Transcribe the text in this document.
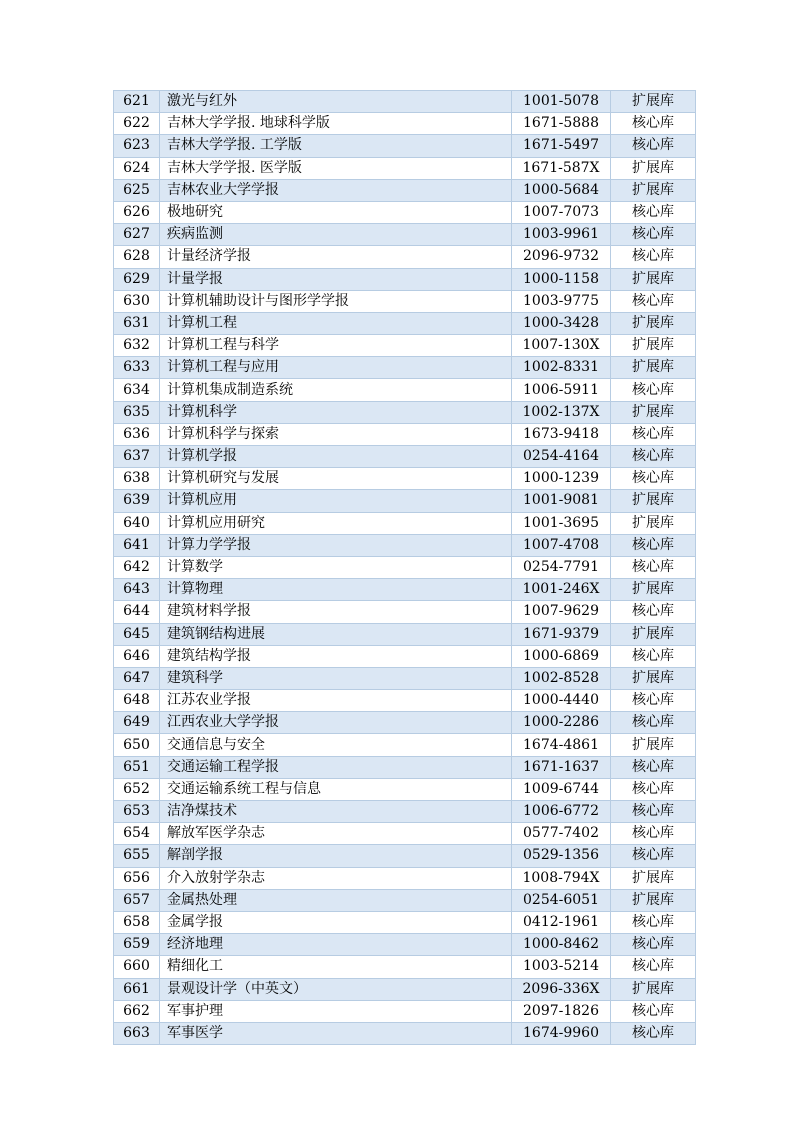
621	激光与红外	1001-5078	扩展库
622	吉林大学学报. 地球科学版	1671-5888	核心库
623	吉林大学学报. 工学版	1671-5497	核心库
624	吉林大学学报. 医学版	1671-587X	扩展库
625	吉林农业大学学报	1000-5684	扩展库
626	极地研究	1007-7073	核心库
627	疾病监测	1003-9961	核心库
628	计量经济学报	2096-9732	核心库
629	计量学报	1000-1158	扩展库
630	计算机辅助设计与图形学学报	1003-9775	核心库
631	计算机工程	1000-3428	扩展库
632	计算机工程与科学	1007-130X	扩展库
633	计算机工程与应用	1002-8331	扩展库
634	计算机集成制造系统	1006-5911	核心库
635	计算机科学	1002-137X	扩展库
636	计算机科学与探索	1673-9418	核心库
637	计算机学报	0254-4164	核心库
638	计算机研究与发展	1000-1239	核心库
639	计算机应用	1001-9081	扩展库
640	计算机应用研究	1001-3695	扩展库
641	计算力学学报	1007-4708	核心库
642	计算数学	0254-7791	核心库
643	计算物理	1001-246X	扩展库
644	建筑材料学报	1007-9629	核心库
645	建筑钢结构进展	1671-9379	扩展库
646	建筑结构学报	1000-6869	核心库
647	建筑科学	1002-8528	扩展库
648	江苏农业学报	1000-4440	核心库
649	江西农业大学学报	1000-2286	核心库
650	交通信息与安全	1674-4861	扩展库
651	交通运输工程学报	1671-1637	核心库
652	交通运输系统工程与信息	1009-6744	核心库
653	洁净煤技术	1006-6772	核心库
654	解放军医学杂志	0577-7402	核心库
655	解剖学报	0529-1356	核心库
656	介入放射学杂志	1008-794X	扩展库
657	金属热处理	0254-6051	扩展库
658	金属学报	0412-1961	核心库
659	经济地理	1000-8462	核心库
660	精细化工	1003-5214	核心库
661	景观设计学（中英文）	2096-336X	扩展库
662	军事护理	2097-1826	核心库
663	军事医学	1674-9960	核心库
